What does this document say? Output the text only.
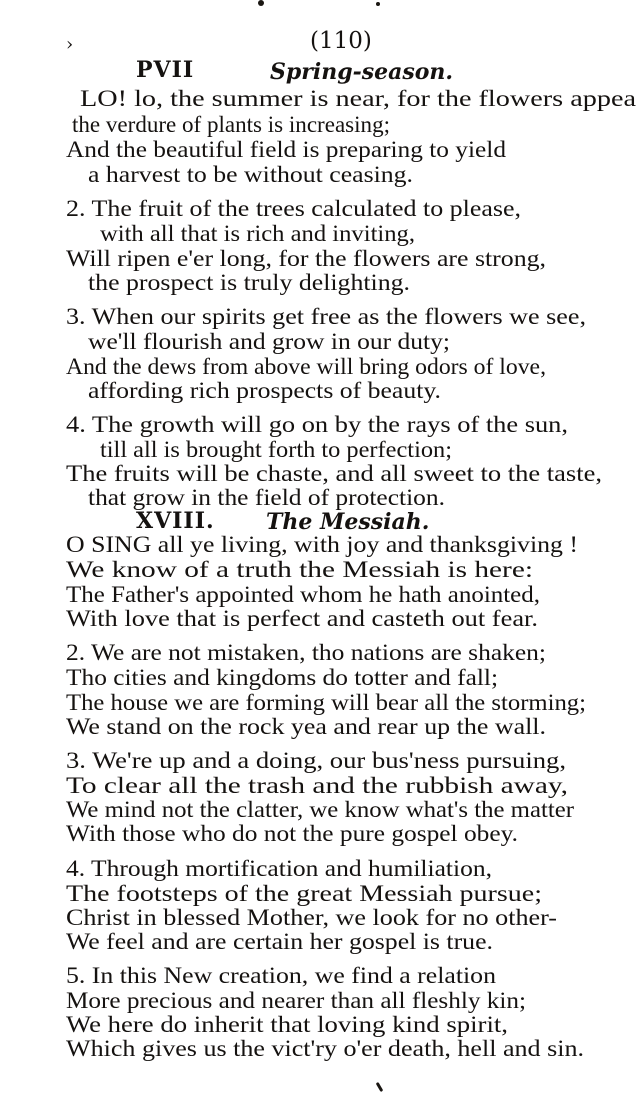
›	(110)
PVII	Spring-season.
LO! lo, the summer is near, for the flowers appea
the verdure of plants is increasing;
And the beautiful field is preparing to yield
a harvest to be without ceasing.
2. The fruit of the trees calculated to please,
with all that is rich and inviting,
Will ripen e'er long, for the flowers are strong,
the prospect is truly delighting.
3. When our spirits get free as the flowers we see,
we'll flourish and grow in our duty;
And the dews from above will bring odors of love,
affording rich prospects of beauty.
4. The growth will go on by the rays of the sun,
till all is brought forth to perfection;
The fruits will be chaste, and all sweet to the taste,
that grow in the field of protection.
XVIII. The Messiah.
O SING all ye living, with joy and thanksgiving !
We know of a truth the Messiah is here:
The Father's appointed whom he hath anointed,
With love that is perfect and casteth out fear.
2. We are not mistaken, tho nations are shaken;
Tho cities and kingdoms do totter and fall;
The house we are forming will bear all the storming;
We stand on the rock yea and rear up the wall.
3. We're up and a doing, our bus'ness pursuing,
To clear all the trash and the rubbish away,
We mind not the clatter, we know what's the matter
With those who do not the pure gospel obey.
4. Through mortification and humiliation,
The footsteps of the great Messiah pursue;
Christ in blessed Mother, we look for no other-
We feel and are certain her gospel is true.
5. In this New creation, we find a relation
More precious and nearer than all fleshly kin;
We here do inherit that loving kind spirit,
Which gives us the vict'ry o'er death, hell and sin.
